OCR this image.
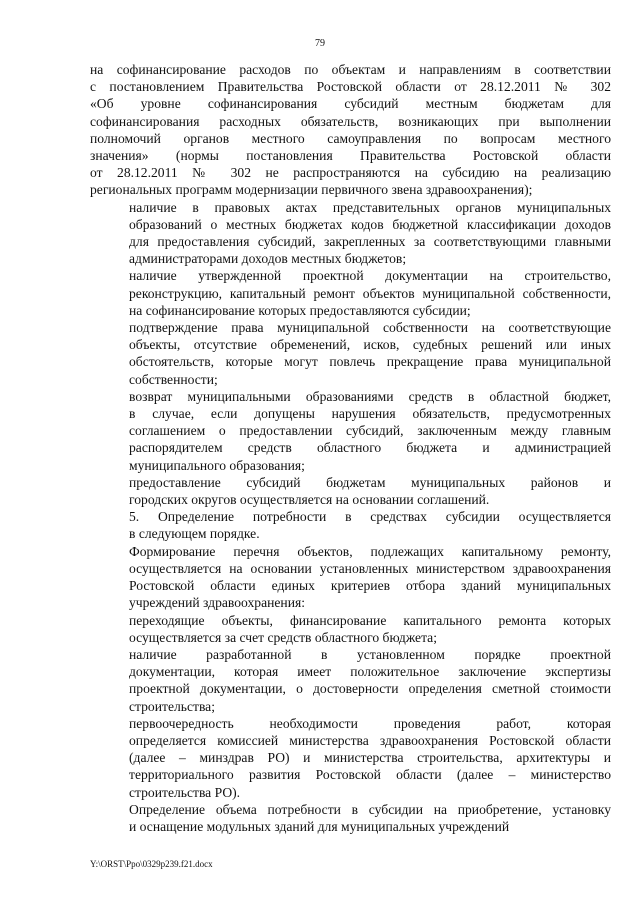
79
на софинансирование расходов по объектам и направлениям в соответствии
с постановлением Правительства Ростовской области от 28.12.2011 № 302
«Об уровне софинансирования субсидий местным бюджетам для
софинансирования расходных обязательств, возникающих при выполнении
полномочий органов местного самоуправления по вопросам местного
значения» (нормы постановления Правительства Ростовской области
от 28.12.2011 № 302 не распространяются на субсидию на реализацию
региональных программ модернизации первичного звена здравоохранения);
наличие в правовых актах представительных органов муниципальных
образований о местных бюджетах кодов бюджетной классификации доходов
для предоставления субсидий, закрепленных за соответствующими главными
администраторами доходов местных бюджетов;
наличие утвержденной проектной документации на строительство,
реконструкцию, капитальный ремонт объектов муниципальной собственности,
на софинансирование которых предоставляются субсидии;
подтверждение права муниципальной собственности на соответствующие
объекты, отсутствие обременений, исков, судебных решений или иных
обстоятельств, которые могут повлечь прекращение права муниципальной
собственности;
возврат муниципальными образованиями средств в областной бюджет,
в случае, если допущены нарушения обязательств, предусмотренных
соглашением о предоставлении субсидий, заключенным между главным
распорядителем средств областного бюджета и администрацией
муниципального образования;
предоставление субсидий бюджетам муниципальных районов и
городских округов осуществляется на основании соглашений.
5. Определение потребности в средствах субсидии осуществляется
в следующем порядке.
Формирование перечня объектов, подлежащих капитальному ремонту,
осуществляется на основании установленных министерством здравоохранения
Ростовской области единых критериев отбора зданий муниципальных
учреждений здравоохранения:
переходящие объекты, финансирование капитального ремонта которых
осуществляется за счет средств областного бюджета;
наличие разработанной в установленном порядке проектной
документации, которая имеет положительное заключение экспертизы
проектной документации, о достоверности определения сметной стоимости
строительства;
первоочередность необходимости проведения работ, которая
определяется комиссией министерства здравоохранения Ростовской области
(далее – минздрав РО) и министерства строительства, архитектуры и
территориального развития Ростовской области (далее – министерство
строительства РО).
Определение объема потребности в субсидии на приобретение, установку
и оснащение модульных зданий для муниципальных учреждений
Y:\ORST\Ppo\0329p239.f21.docx
